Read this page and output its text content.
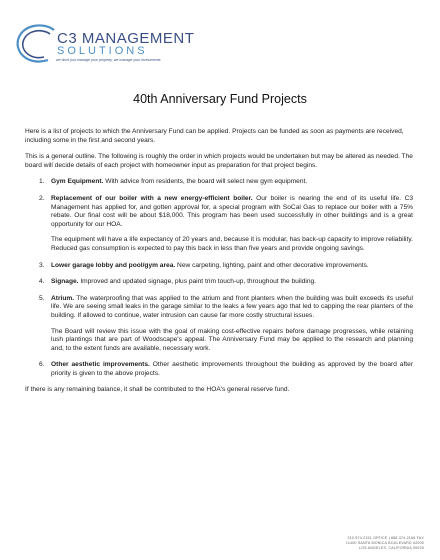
C3 MANAGEMENT
SOLUTIONS
we don't just manage your property, we manage your investments
40th Anniversary Fund Projects

Here is a list of projects to which the Anniversary Fund can be applied. Projects can be funded as soon as payments are received, including some in the first and second years.

This is a general outline. The following is roughly the order in which projects would be undertaken but may be altered as needed. The board will decide details of each project with homeowner input as preparation for that project begins.

1. Gym Equipment. With advice from residents, the board will select new gym equipment.

2. Replacement of our boiler with a new energy-efficient boiler. Our boiler is nearing the end of its useful life. C3 Management has applied for, and gotten approval for, a special program with SoCal Gas to replace our boiler with a 75% rebate. Our final cost will be about $18,000. This program has been used successfully in other buildings and is a great opportunity for our HOA.

The equipment will have a life expectancy of 20 years and, because it is modular, has back-up capacity to improve reliability. Reduced gas consumption is expected to pay this back in less than five years and provide ongoing savings.

3. Lower garage lobby and pool/gym area. New carpeting, lighting, paint and other decorative improvements.

4. Signage. Improved and updated signage, plus paint trim touch-up, throughout the building.

5. Atrium. The waterproofing that was applied to the atrium and front planters when the building was built exceeds its useful life. We are seeing small leaks in the garage similar to the leaks a few years ago that led to capping the rear planters of the building. If allowed to continue, water intrusion can cause far more costly structural issues.

The Board will review this issue with the goal of making cost-effective repairs before damage progresses, while retaining lush plantings that are part of Woodscape's appeal. The Anniversary Fund may be applied to the research and planning and, to the extent funds are available, necessary work.

6. Other aesthetic improvements. Other aesthetic improvements throughout the building as approved by the board after priority is given to the above projects.

If there is any remaining balance, it shall be contributed to the HOA's general reserve fund.

310.574.2151 OFFICE | 888.374.2166 FAX
11400 SANTA MONICA BOULEVARD #2000
LOS ANGELES, CALIFORNIA 90025
